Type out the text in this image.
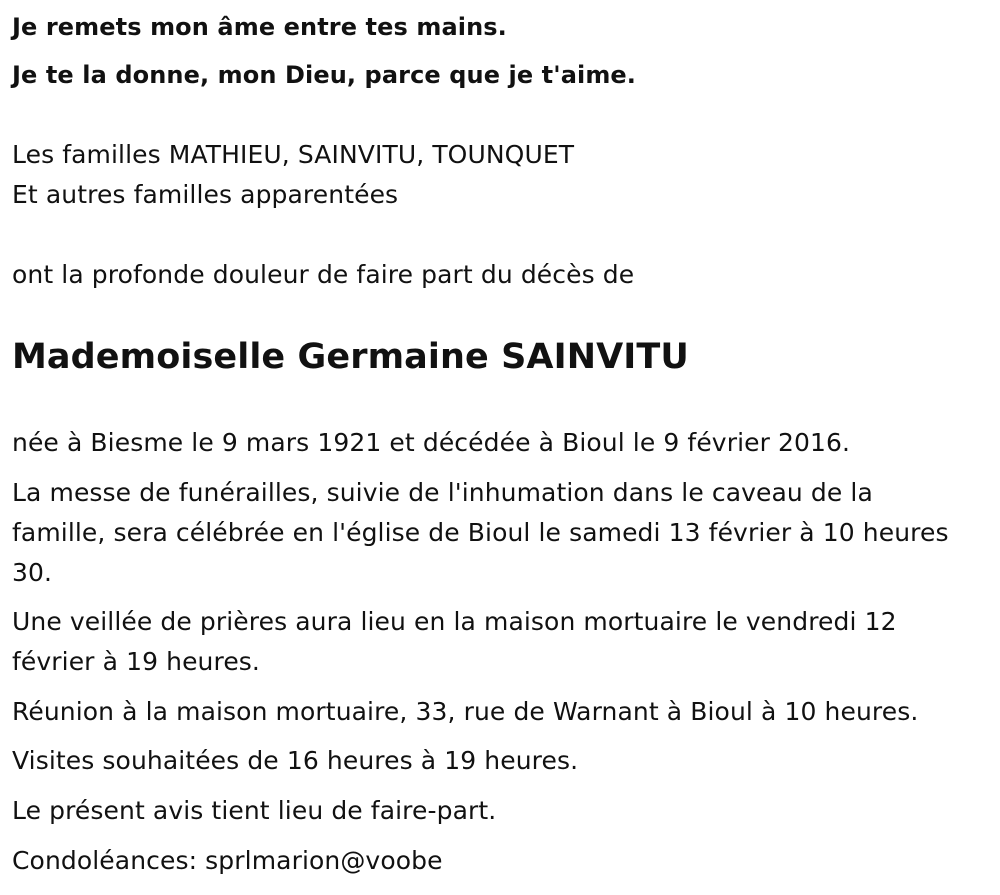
Je remets mon âme entre tes mains.
Je te la donne, mon Dieu, parce que je t'aime.
Les familles MATHIEU, SAINVITU, TOUNQUET
Et autres familles apparentées
ont la profonde douleur de faire part du décès de
Mademoiselle Germaine SAINVITU
née à Biesme le 9 mars 1921 et décédée à Bioul le 9 février 2016.
La messe de funérailles, suivie de l'inhumation dans le caveau de la
famille, sera célébrée en l'église de Bioul le samedi 13 février à 10 heures
30.
Une veillée de prières aura lieu en la maison mortuaire le vendredi 12
février à 19 heures.
Réunion à la maison mortuaire, 33, rue de Warnant à Bioul à 10 heures.
Visites souhaitées de 16 heures à 19 heures.
Le présent avis tient lieu de faire-part.
Condoléances: sprlmarion@voobe
